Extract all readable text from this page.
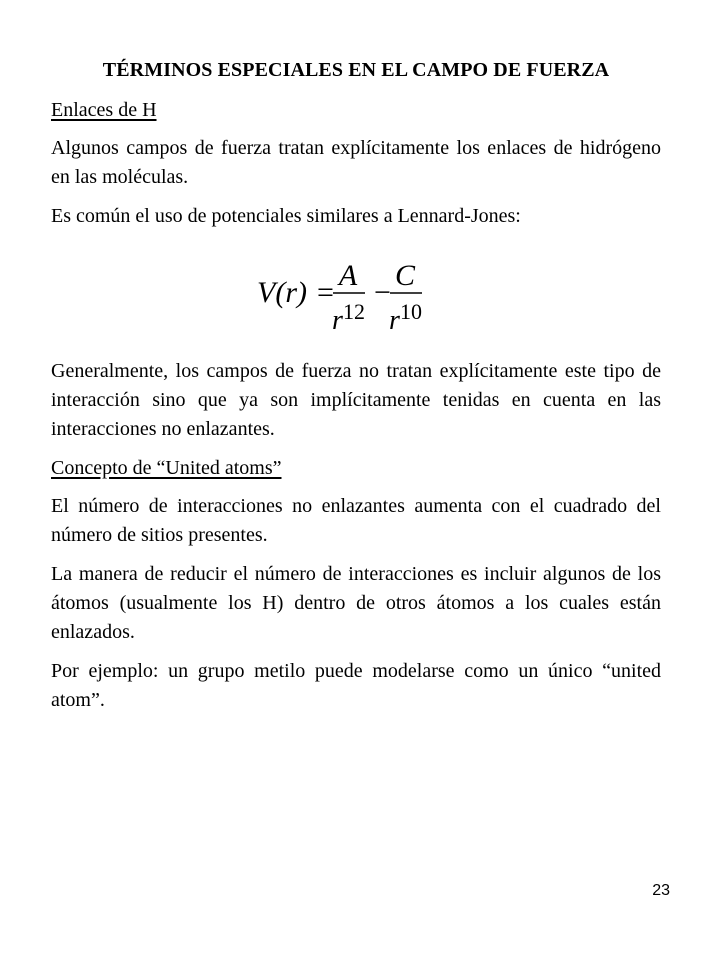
TÉRMINOS ESPECIALES EN EL CAMPO DE FUERZA
Enlaces de H

Algunos campos de fuerza tratan explícitamente los enlaces de hidrógeno en las moléculas.

Es común el uso de potenciales similares a Lennard-Jones:

V(r) =
A
r 12
−
C
r 10

Generalmente, los campos de fuerza no tratan explícitamente este tipo de interacción sino que ya son implícitamente tenidas en cuenta en las interacciones no enlazantes.

Concepto de “United atoms”

El número de interacciones no enlazantes aumenta con el cuadrado del número de sitios presentes.

La manera de reducir el número de interacciones es incluir algunos de los átomos (usualmente los H) dentro de otros átomos a los cuales están enlazados.

Por ejemplo: un grupo metilo puede modelarse como un único “united atom”.

23
